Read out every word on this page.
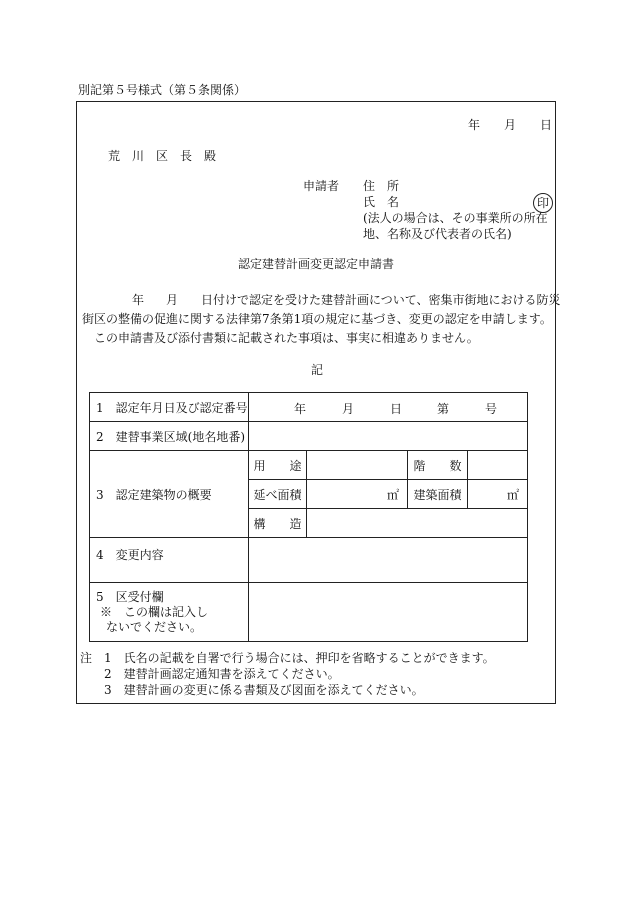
別記第５号様式（第５条関係）
年 月 日
荒　川　区　長　殿
申請者 住　所
氏　名	印
(法人の場合は、その事業所の所在
地、名称及び代表者の氏名)
認定建替計画変更認定申請書
年 月 日付けで認定を受けた建替計画について、密集市街地における防災
街区の整備の促進に関する法律第7条第1項の規定に基づき、変更の認定を申請します。
この申請書及び添付書類に記載された事項は、事実に相違ありません。
記
1　認定年月日及び認定番号	年 月 日 第 号			

2　建替事業区域(地名地番)				
3　認定建築物の概要	用　　途		階　　数	
	延べ面積	㎡	建築面積	㎡
	構　　造			
4　変更内容				

5　区受付欄
※　この欄は記入し
ないでください。				

注 1　氏名の記載を自署で行う場合には、押印を省略することができます。
2　建替計画認定通知書を添えてください。
3　建替計画の変更に係る書類及び図面を添えてください。
